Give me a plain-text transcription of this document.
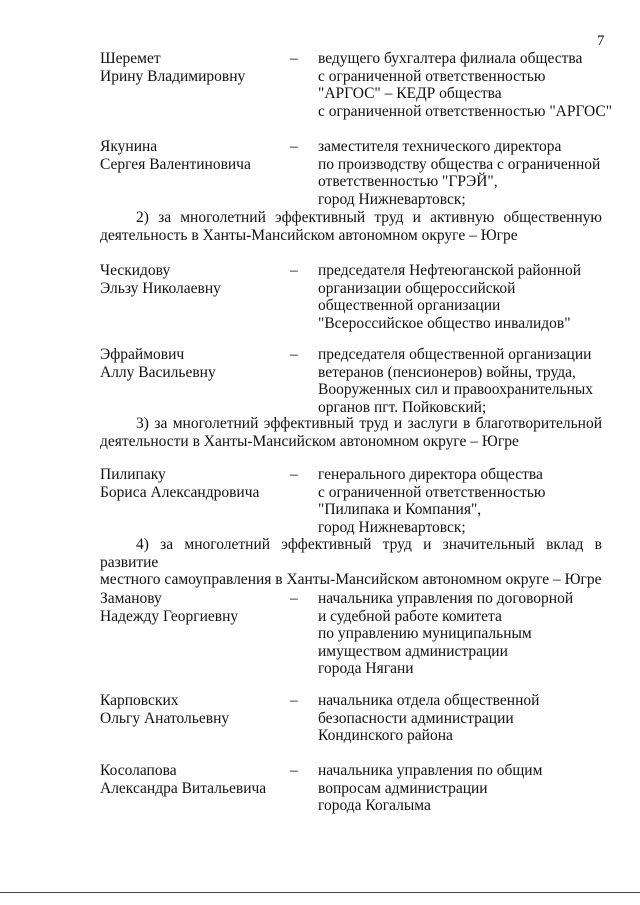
7
Шеремет
Ирину Владимировну
– ведущего бухгалтера филиала общества
с ограниченной ответственностью
"АРГОС" – КЕДР общества
с ограниченной ответственностью "АРГОС"
Якунина
Сергея Валентиновича
– заместителя технического директора
по производству общества с ограниченной
ответственностью "ГРЭЙ",
город Нижневартовск;
2) за многолетний эффективный труд и активную общественную
деятельность в Ханты-Мансийском автономном округе – Югре
Ческидову
Эльзу Николаевну
– председателя Нефтеюганской районной
организации общероссийской
общественной организации
"Всероссийское общество инвалидов"
Эфраймович
Аллу Васильевну
– председателя общественной организации
ветеранов (пенсионеров) войны, труда,
Вооруженных сил и правоохранительных
органов пгт. Пойковский;
3) за многолетний эффективный труд и заслуги в благотворительной
деятельности в Ханты-Мансийском автономном округе – Югре
Пилипаку
Бориса Александровича
– генерального директора общества
с ограниченной ответственностью
"Пилипака и Компания",
город Нижневартовск;
4) за многолетний эффективный труд и значительный вклад в развитие
местного самоуправления в Ханты-Мансийском автономном округе – Югре
Заманову
Надежду Георгиевну
– начальника управления по договорной
и судебной работе комитета
по управлению муниципальным
имуществом администрации
города Нягани
Карповских
Ольгу Анатольевну
– начальника отдела общественной
безопасности администрации
Кондинского района
Косолапова
Александра Витальевича
– начальника управления по общим
вопросам администрации
города Когалыма
